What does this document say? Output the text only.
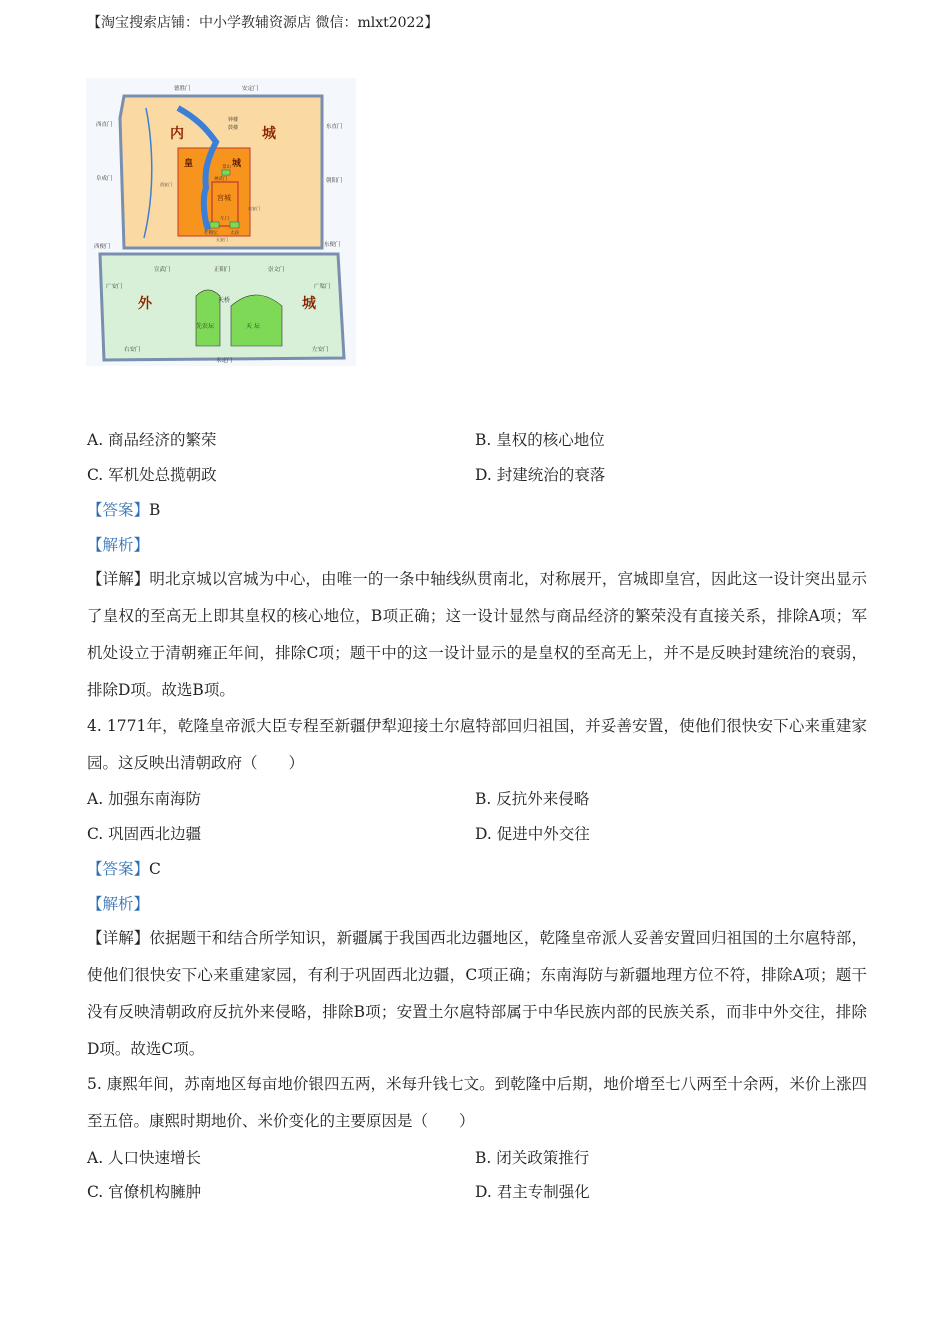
【淘宝搜索店铺：中小学教辅资源店 微信：mlxt2022】
内	城
皇	城
宫城
外	城
钟楼
鼓楼
景山
神武门
午门
社稷坛	太庙
天桥
先农坛	天 坛
德胜门	安定门
西直门	东直门
阜成门	朝阳门
西便门	东便门
宣武门	正阳门	崇文门
广安门	广渠门
右安门	左安门
永定门
天安门
西安门
东安门
A. 商品经济的繁荣	B. 皇权的核心地位
C. 军机处总揽朝政	D. 封建统治的衰落
【答案】B
【解析】
【详解】明北京城以宫城为中心，由唯一的一条中轴线纵贯南北，对称展开，宫城即皇宫，因此这一设计突出显示了皇权的至高无上即其皇权的核心地位，B项正确；这一设计显然与商品经济的繁荣没有直接关系，排除A项；军机处设立于清朝雍正年间，排除C项；题干中的这一设计显示的是皇权的至高无上，并不是反映封建统治的衰弱，排除D项。故选B项。
4. 1771年，乾隆皇帝派大臣专程至新疆伊犁迎接土尔扈特部回归祖国，并妥善安置，使他们很快安下心来重建家园。这反映出清朝政府（　　）
A. 加强东南海防	B. 反抗外来侵略
C. 巩固西北边疆	D. 促进中外交往
【答案】C
【解析】
【详解】依据题干和结合所学知识，新疆属于我国西北边疆地区，乾隆皇帝派人妥善安置回归祖国的土尔扈特部，使他们很快安下心来重建家园，有利于巩固西北边疆，C项正确；东南海防与新疆地理方位不符，排除A项；题干没有反映清朝政府反抗外来侵略，排除B项；安置土尔扈特部属于中华民族内部的民族关系，而非中外交往，排除D项。故选C项。
5. 康熙年间，苏南地区每亩地价银四五两，米每升钱七文。到乾隆中后期，地价增至七八两至十余两，米价上涨四至五倍。康熙时期地价、米价变化的主要原因是（　　）
A. 人口快速增长	B. 闭关政策推行
C. 官僚机构臃肿	D. 君主专制强化
